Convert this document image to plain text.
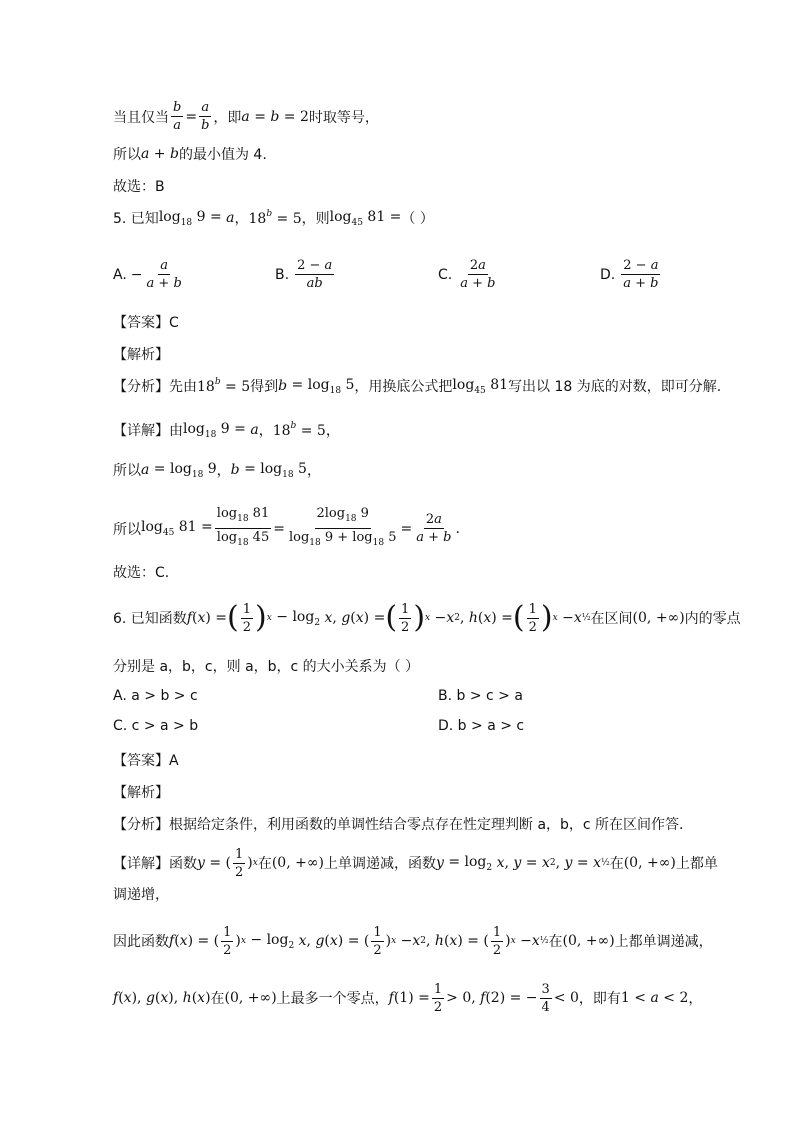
当且仅当 $\frac{b}{a} = \frac{a}{b}$ ，即 a = b = 2 时取等号，
所以 a + b 的最小值为 4.
故选：B
5. 已知 $\log_{18} 9 = a$ ， $18^b = 5$ ，则 $\log_{45} 81$ = （ ）
A. − $\frac{a}{a + b}$	B. $\frac{2 - a}{ab}$	C. $\frac{2a}{a + b}$	D. $\frac{2 - a}{a + b}$
【答案】C
【解析】
【分析】先由 $18^b = 5$ 得到 $b = \log_{18} 5$ ，用换底公式把 $\log_{45} 81$ 写出以 18 为底的对数，即可分解.
【详解】由 $\log_{18} 9 = a$ ， $18^b = 5$ ，
所以 $a = \log_{18} 9$ ， $b = \log_{18} 5$ ，
所以 $\log_{45} 81 = \frac{\log_{18} 81}{\log_{18} 45} = \frac{2\log_{18} 9}{\log_{18} 9 + \log_{18} 5} = \frac{2a}{a + b}$ .
故选：C.
6. 已知函数 f ( x ) = ( $\frac{1}{2}$ ) $x - \log_2 x$ , g ( x ) = ( $\frac{1}{2}$ ) x − x 2 , h ( x ) = ( $\frac{1}{2}$ ) x − x ½ 在区间 (0, +∞) 内的零点
分别是 a，b，c，则 a，b，c 的大小关系为（ ）
A. a > b > c	B. b > c > a
C. c > a > b	D. b > a > c
【答案】A
【解析】
【分析】根据给定条件，利用函数的单调性结合零点存在性定理判断 a，b，c 所在区间作答.
【详解】函数 y = ( $\frac{1}{2}$ ) x 在 (0, +∞) 上单调递减，函数 $y = \log_2 x$ , y = x 2 , y = x ½ 在 (0, +∞) 上都单
调递增，
因此函数 f ( x ) = ( $\frac{1}{2}$ ) $x - \log_2 x$ , g ( x ) = ( $\frac{1}{2}$ ) x − x 2 , h ( x ) = ( $\frac{1}{2}$ ) x − x ½ 在 (0, +∞) 上都单调递减，
f ( x ), g ( x ), h ( x ) 在 (0, +∞) 上最多一个零点， f $(1) = \frac{1}{2} > 0$, f (2) = − $\frac{3}{4} < 0$ ，即有 1 < a < 2 ，
